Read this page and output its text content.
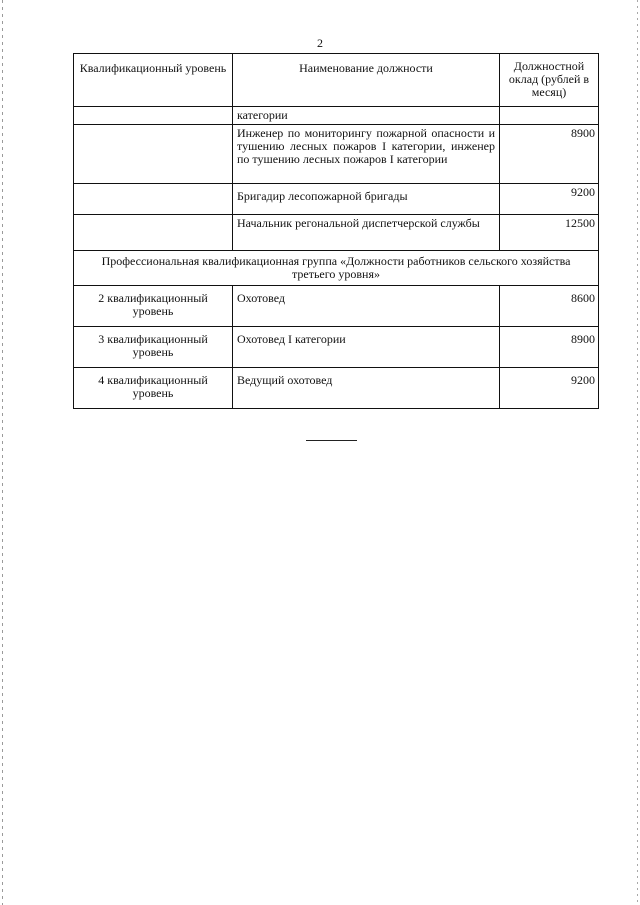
2
Квалификационный уровень	Наименование должности	Должностной оклад (рублей в месяц)
	категории	
	Инженер по мониторингу пожарной опасности и тушению лесных пожаров I категории, инженер по тушению лесных пожаров I категории	8900
	Бригадир лесопожарной бригады	9200
	Начальник регональной диспетчерской службы	12500
Профессиональная квалификационная группа «Должности работников сельского хозяйства третьего уровня»		
2 квалификационный уровень	Охотовед	8600
3 квалификационный уровень	Охотовед I категории	8900
4 квалификационный уровень	Ведущий охотовед	9200
